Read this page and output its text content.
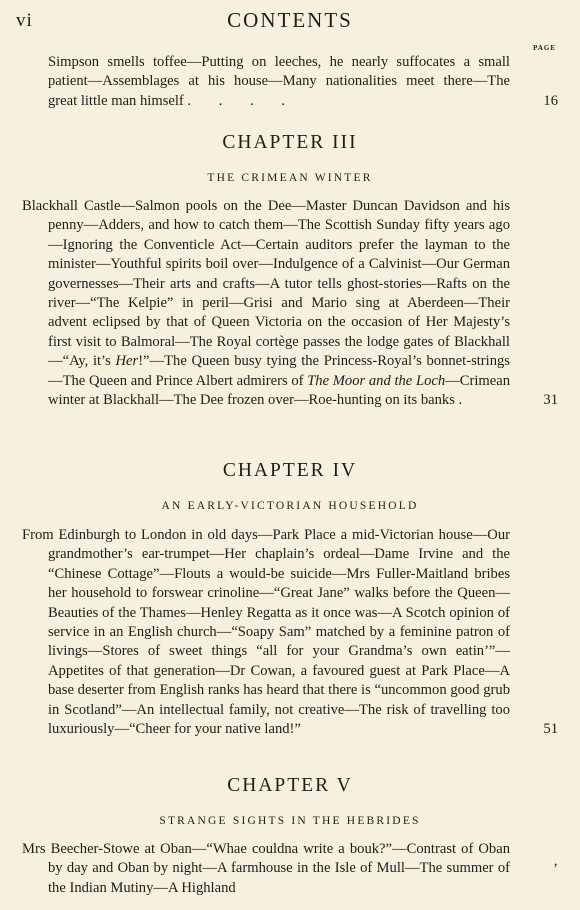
vi	CONTENTS
PAGE
Simpson smells toffee—Putting on leeches, he nearly suffocates a small patient—Assemblages at his house—Many nationalities meet there—The great little man himself . . . .	16
CHAPTER III
THE CRIMEAN WINTER
Blackhall Castle—Salmon pools on the Dee—Master Duncan Davidson and his penny—Adders, and how to catch them—The Scottish Sunday fifty years ago—Ignoring the Conventicle Act—Certain auditors prefer the layman to the minister—Youthful spirits boil over—Indulgence of a Calvinist—Our German governesses—Their arts and crafts—A tutor tells ghost-stories—Rafts on the river—“The Kelpie” in peril—Grisi and Mario sing at Aberdeen—Their advent eclipsed by that of Queen Victoria on the occasion of Her Majesty’s first visit to Balmoral—The Royal cortège passes the lodge gates of Blackhall—“Ay, it’s Her!”—The Queen busy tying the Princess-Royal’s bonnet-strings—The Queen and Prince Albert admirers of The Moor and the Loch—Crimean winter at Blackhall—The Dee frozen over—Roe-hunting on its banks .	31
CHAPTER IV
AN EARLY-VICTORIAN HOUSEHOLD
From Edinburgh to London in old days—Park Place a mid-Victorian house—Our grandmother’s ear-trumpet—Her chaplain’s ordeal—Dame Irvine and the “Chinese Cottage”—Flouts a would-be suicide—Mrs Fuller-Maitland bribes her household to forswear crinoline—“Great Jane” walks before the Queen—Beauties of the Thames—Henley Regatta as it once was—A Scotch opinion of service in an English church—“Soapy Sam” matched by a feminine patron of livings—Stores of sweet things “all for your Grandma’s own eatin’”—Appetites of that generation—Dr Cowan, a favoured guest at Park Place—A base deserter from English ranks has heard that there is “uncommon good grub in Scotland”—An intellectual family, not creative—The risk of travelling too luxuriously—“Cheer for your native land!”	51
CHAPTER V
STRANGE SIGHTS IN THE HEBRIDES
Mrs Beecher-Stowe at Oban—“Whae couldna write a bouk?”—Contrast of Oban by day and Oban by night—A farmhouse in the Isle of Mull—The summer of the Indian Mutiny—A Highland
’
